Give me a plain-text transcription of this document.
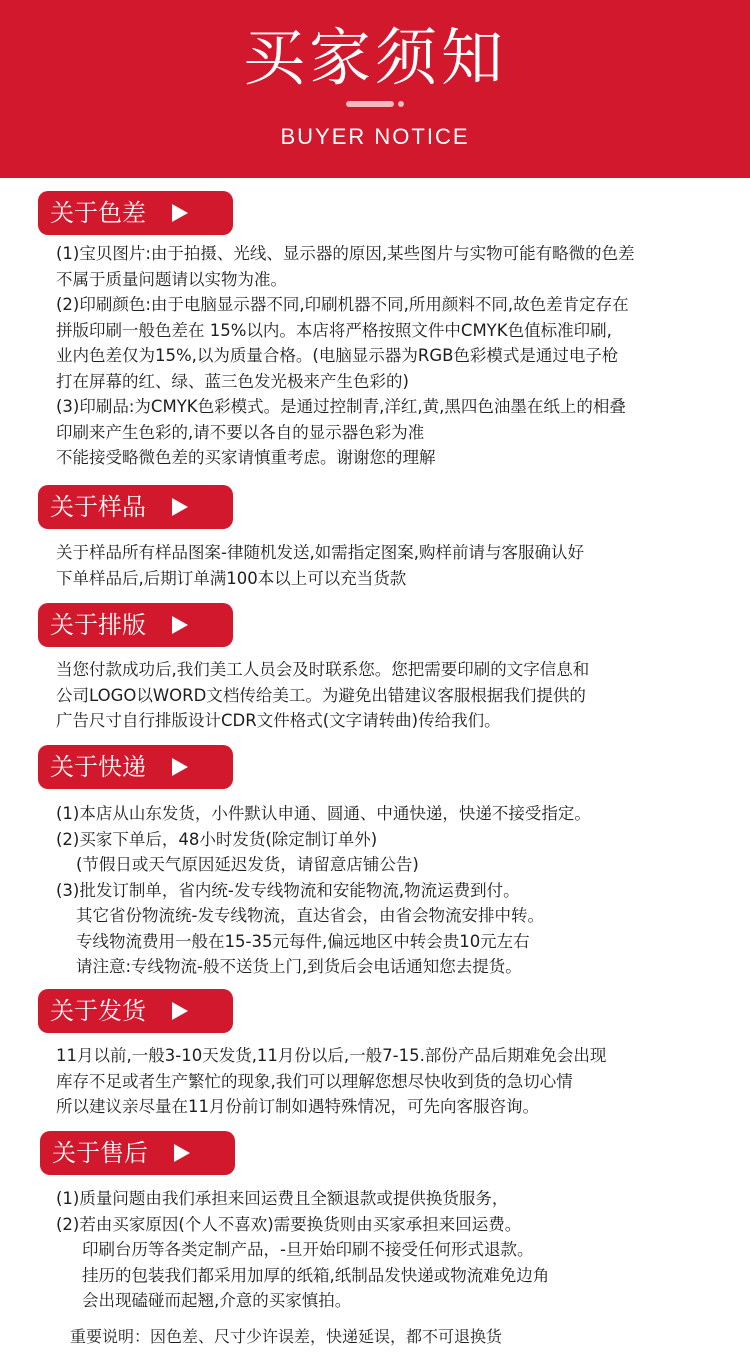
买家须知
BUYER NOTICE
关于色差
(1)宝贝图片:由于拍摄、光线、显示器的原因,某些图片与实物可能有略微的色差
不属于质量问题请以实物为准。
(2)印刷颜色:由于电脑显示器不同,印刷机器不同,所用颜料不同,故色差肯定存在
拼版印刷一般色差在 15%以内。本店将严格按照文件中CMYK色值标准印刷,
业内色差仅为15%,以为质量合格。(电脑显示器为RGB色彩模式是通过电子枪
打在屏幕的红、绿、蓝三色发光极来产生色彩的)
(3)印刷品:为CMYK色彩模式。是通过控制青,洋红,黄,黑四色油墨在纸上的相叠
印刷来产生色彩的,请不要以各自的显示器色彩为准
不能接受略微色差的买家请慎重考虑。谢谢您的理解
关于样品
关于样品所有样品图案-律随机发送,如需指定图案,购样前请与客服确认好
下单样品后,后期订单满100本以上可以充当货款
关于排版
当您付款成功后,我们美工人员会及时联系您。您把需要印刷的文字信息和
公司LOGO以WORD文档传给美工。为避免出错建议客服根据我们提供的
广告尺寸自行排版设计CDR文件格式(文字请转曲)传给我们。
关于快递
(1)本店从山东发货，小件默认申通、圆通、中通快递，快递不接受指定。
(2)买家下单后，48小时发货(除定制订单外)
(节假日或天气原因延迟发货，请留意店铺公告)
(3)批发订制单，省内统-发专线物流和安能物流,物流运费到付。
其它省份物流统-发专线物流，直达省会，由省会物流安排中转。
专线物流费用一般在15-35元每件,偏远地区中转会贵10元左右
请注意:专线物流-般不送货上门,到货后会电话通知您去提货。
关于发货
11月以前,一般3-10天发货,11月份以后,一般7-15.部份产品后期难免会出现
库存不足或者生产繁忙的现象,我们可以理解您想尽快收到货的急切心情
所以建议亲尽量在11月份前订制如遇特殊情况，可先向客服咨询。
关于售后
(1)质量问题由我们承担来回运费且全额退款或提供换货服务，
(2)若由买家原因(个人不喜欢)需要换货则由买家承担来回运费。
印刷台历等各类定制产品，-旦开始印刷不接受任何形式退款。
挂历的包装我们都采用加厚的纸箱,纸制品发快递或物流难免边角
会出现磕碰而起翘,介意的买家慎拍。
重要说明：因色差、尺寸少许误差，快递延误，都不可退换货
